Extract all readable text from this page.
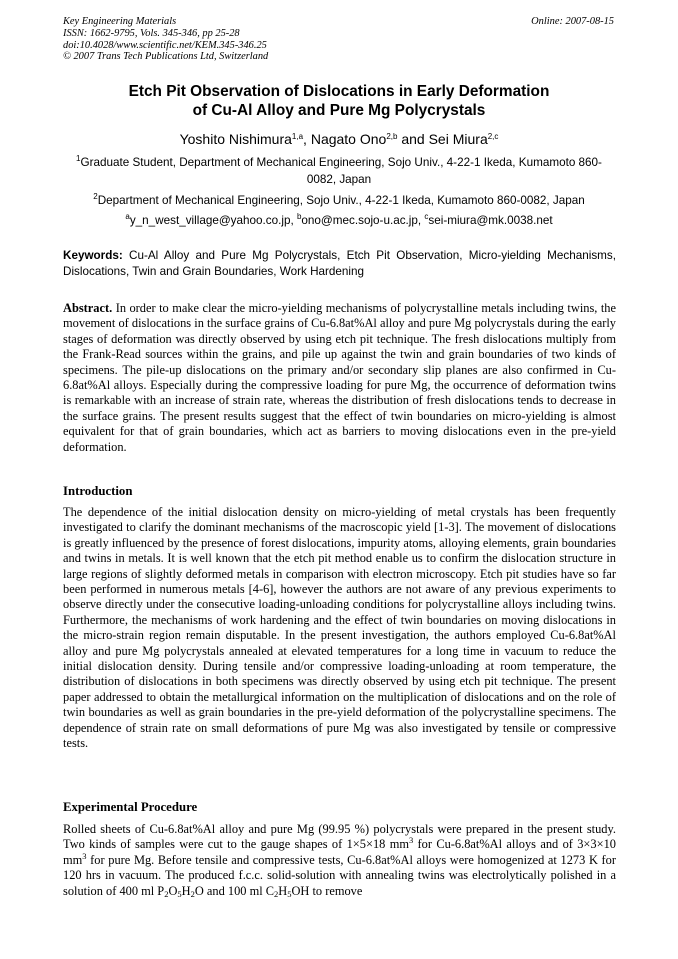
Key Engineering Materials
ISSN: 1662-9795, Vols. 345-346, pp 25-28
doi:10.4028/www.scientific.net/KEM.345-346.25
© 2007 Trans Tech Publications Ltd, Switzerland
Online: 2007-08-15
Etch Pit Observation of Dislocations in Early Deformation
of Cu-Al Alloy and Pure Mg Polycrystals
Yoshito Nishimura$^{1,a}$, Nagato Ono$^{2,b}$ and Sei Miura$^{2,c}$
$^1$Graduate Student, Department of Mechanical Engineering, Sojo Univ., 4-22-1 Ikeda, Kumamoto 860-0082, Japan
$^2$Department of Mechanical Engineering, Sojo Univ., 4-22-1 Ikeda, Kumamoto 860-0082, Japan
$^a$y_n_west_village@yahoo.co.jp, $^b$ono@mec.sojo-u.ac.jp, $^c$sei-miura@mk.0038.net
Keywords: Cu-Al Alloy and Pure Mg Polycrystals, Etch Pit Observation, Micro-yielding Mechanisms, Dislocations, Twin and Grain Boundaries, Work Hardening
Abstract. In order to make clear the micro-yielding mechanisms of polycrystalline metals including twins, the movement of dislocations in the surface grains of Cu-6.8at%Al alloy and pure Mg polycrystals during the early stages of deformation was directly observed by using etch pit technique. The fresh dislocations multiply from the Frank-Read sources within the grains, and pile up against the twin and grain boundaries of two kinds of specimens. The pile-up dislocations on the primary and/or secondary slip planes are also confirmed in Cu-6.8at%Al alloys. Especially during the compressive loading for pure Mg, the occurrence of deformation twins is remarkable with an increase of strain rate, whereas the distribution of fresh dislocations tends to decrease in the surface grains. The present results suggest that the effect of twin boundaries on micro-yielding is almost equivalent for that of grain boundaries, which act as barriers to moving dislocations even in the pre-yield deformation.
Introduction
The dependence of the initial dislocation density on micro-yielding of metal crystals has been frequently investigated to clarify the dominant mechanisms of the macroscopic yield [1-3]. The movement of dislocations is greatly influenced by the presence of forest dislocations, impurity atoms, alloying elements, grain boundaries and twins in metals. It is well known that the etch pit method enable us to confirm the dislocation structure in large regions of slightly deformed metals in comparison with electron microscopy. Etch pit studies have so far been performed in numerous metals [4-6], however the authors are not aware of any previous experiments to observe directly under the consecutive loading-unloading conditions for polycrystalline alloys including twins. Furthermore, the mechanisms of work hardening and the effect of twin boundaries on moving dislocations in the micro-strain region remain disputable. In the present investigation, the authors employed Cu-6.8at%Al alloy and pure Mg polycrystals annealed at elevated temperatures for a long time in vacuum to reduce the initial dislocation density. During tensile and/or compressive loading-unloading at room temperature, the distribution of dislocations in both specimens was directly observed by using etch pit technique. The present paper addressed to obtain the metallurgical information on the multiplication of dislocations and on the role of twin boundaries as well as grain boundaries in the pre-yield deformation of the polycrystalline specimens. The dependence of strain rate on small deformations of pure Mg was also investigated by tensile or compressive tests.
Experimental Procedure
Rolled sheets of Cu-6.8at%Al alloy and pure Mg (99.95 %) polycrystals were prepared in the present study. Two kinds of samples were cut to the gauge shapes of 1×5×18 $mm^3$ for Cu-6.8at%Al alloys and of 3×3×10 $mm^3$ for pure Mg. Before tensile and compressive tests, Cu-6.8at%Al alloys were homogenized at 1273 K for 120 hrs in vacuum. The produced f.c.c. solid-solution with annealing twins was electrolytically polished in a solution of 400 ml $P_2O_5H_2O$ and 100 ml $C_2H_5OH$ to remove
